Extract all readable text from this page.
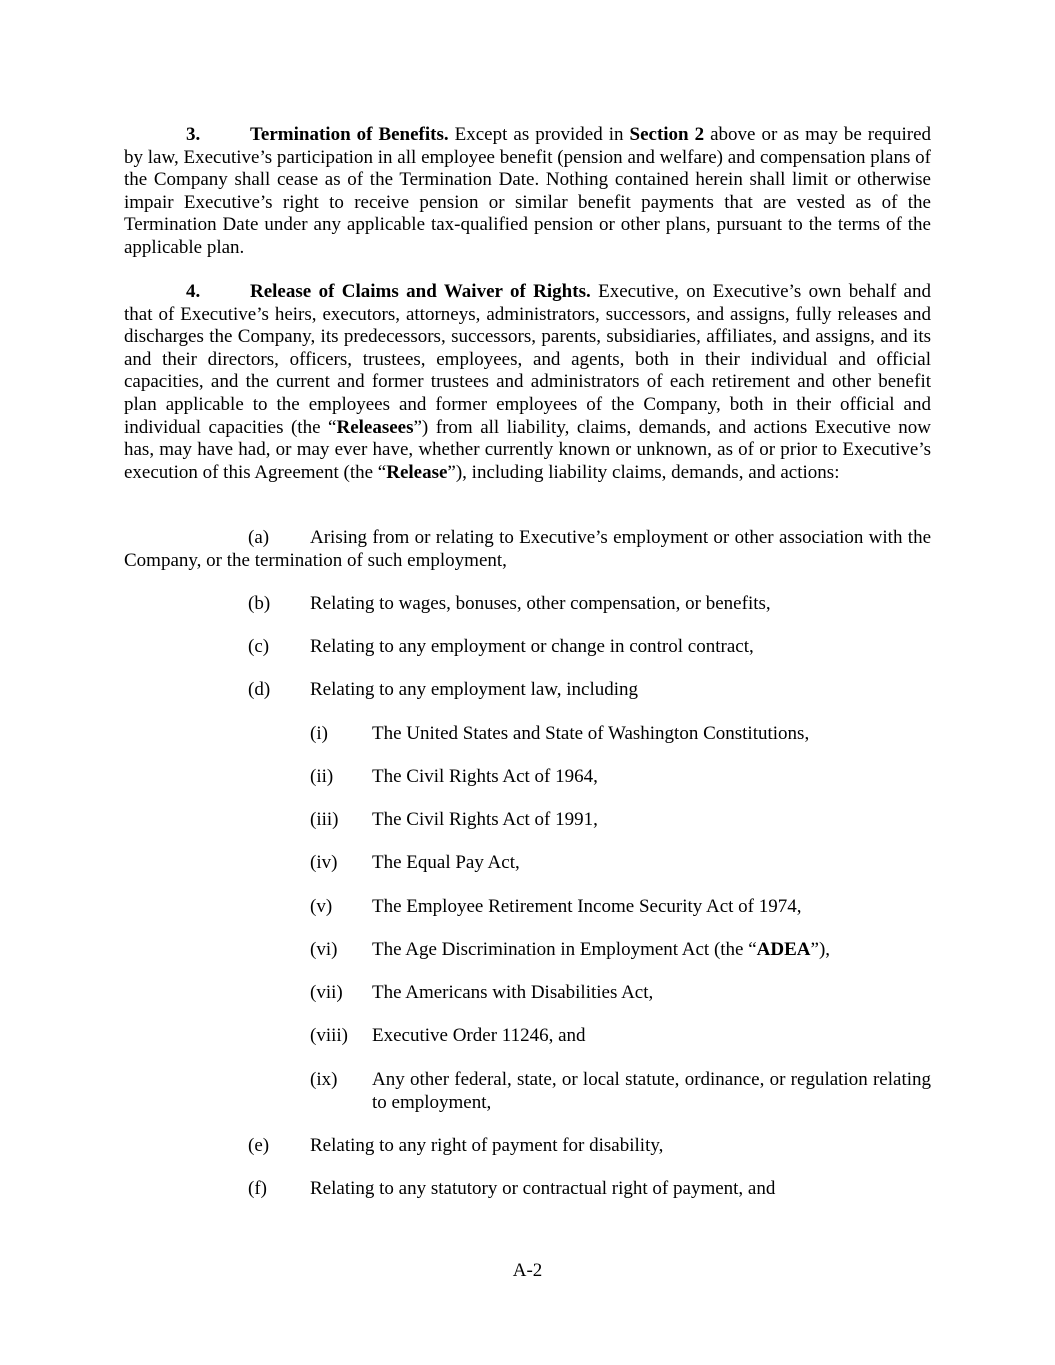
3.	Termination of Benefits. Except as provided in Section 2 above or as may be required by law, Executive’s participation in all employee benefit (pension and welfare) and compensation plans of the Company shall cease as of the Termination Date. Nothing contained herein shall limit or otherwise impair Executive’s right to receive pension or similar benefit payments that are vested as of the Termination Date under any applicable tax-qualified pension or other plans, pursuant to the terms of the applicable plan.

4.	Release of Claims and Waiver of Rights. Executive, on Executive’s own behalf and that of Executive’s heirs, executors, attorneys, administrators, successors, and assigns, fully releases and discharges the Company, its predecessors, successors, parents, subsidiaries, affiliates, and assigns, and its and their directors, officers, trustees, employees, and agents, both in their individual and official capacities, and the current and former trustees and administrators of each retirement and other benefit plan applicable to the employees and former employees of the Company, both in their official and individual capacities (the “Releasees”) from all liability, claims, demands, and actions Executive now has, may have had, or may ever have, whether currently known or unknown, as of or prior to Executive’s execution of this Agreement (the “Release”), including liability claims, demands, and actions:

(a) Arising from or relating to Executive’s employment or other association with the Company, or the termination of such employment,

(b) Relating to wages, bonuses, other compensation, or benefits,
(c) Relating to any employment or change in control contract,
(d) Relating to any employment law, including
(i) The United States and State of Washington Constitutions,
(ii) The Civil Rights Act of 1964,
(iii) The Civil Rights Act of 1991,
(iv) The Equal Pay Act,
(v) The Employee Retirement Income Security Act of 1974,
(vi) The Age Discrimination in Employment Act (the “ADEA”),
(vii) The Americans with Disabilities Act,
(viii) Executive Order 11246, and
(ix) Any other federal, state, or local statute, ordinance, or regulation relating to employment,
(e) Relating to any right of payment for disability,
(f) Relating to any statutory or contractual right of payment, and
A-2
